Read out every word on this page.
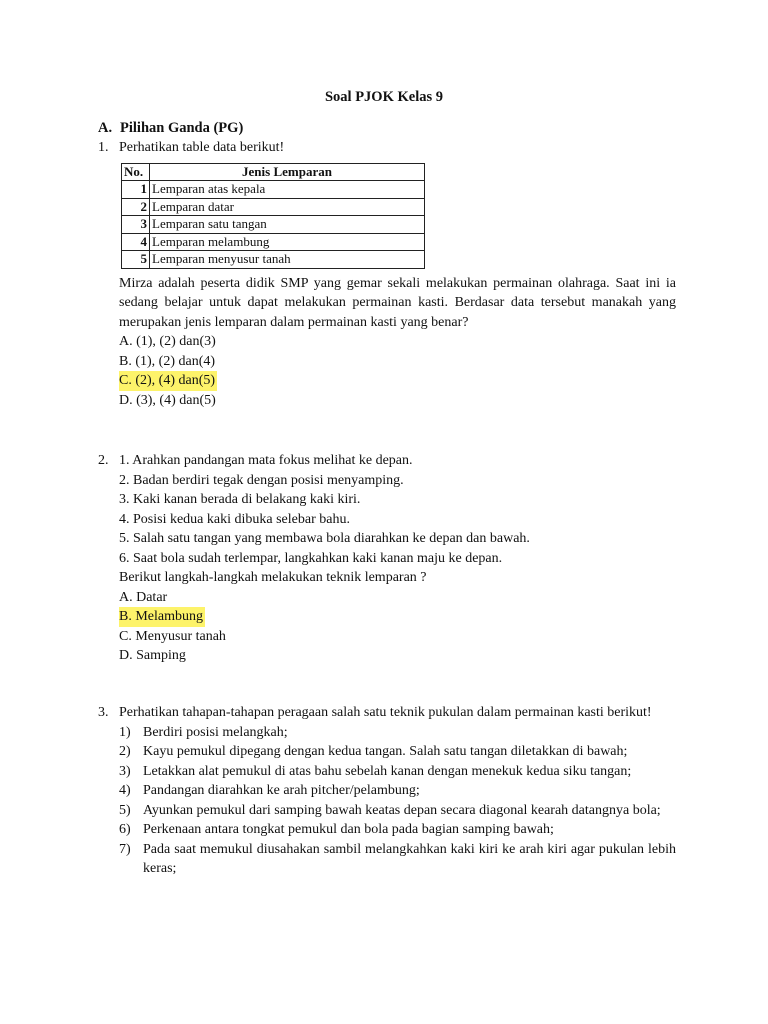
Soal PJOK Kelas 9
A. Pilihan Ganda (PG)
1. Perhatikan table data berikut!
No.	Jenis Lemparan
1	Lemparan atas kepala
2	Lemparan datar
3	Lemparan satu tangan
4	Lemparan melambung
5	Lemparan menyusur tanah
Mirza adalah peserta didik SMP yang gemar sekali melakukan permainan olahraga. Saat ini ia sedang belajar untuk dapat melakukan permainan kasti. Berdasar data tersebut manakah yang merupakan jenis lemparan dalam permainan kasti yang benar?
A. (1), (2) dan(3)
B. (1), (2) dan(4)
C. (2), (4) dan(5)
D. (3), (4) dan(5)
2. 1. Arahkan pandangan mata fokus melihat ke depan.
2. Badan berdiri tegak dengan posisi menyamping.
3. Kaki kanan berada di belakang kaki kiri.
4. Posisi kedua kaki dibuka selebar bahu.
5. Salah satu tangan yang membawa bola diarahkan ke depan dan bawah.
6. Saat bola sudah terlempar, langkahkan kaki kanan maju ke depan.
Berikut langkah-langkah melakukan teknik lemparan ?
A. Datar
B. Melambung
C. Menyusur tanah
D. Samping
3. Perhatikan tahapan-tahapan peragaan salah satu teknik pukulan dalam permainan kasti berikut!
1) Berdiri posisi melangkah;
2) Kayu pemukul dipegang dengan kedua tangan. Salah satu tangan diletakkan di bawah;
3) Letakkan alat pemukul di atas bahu sebelah kanan dengan menekuk kedua siku tangan;
4) Pandangan diarahkan ke arah pitcher/pelambung;
5) Ayunkan pemukul dari samping bawah keatas depan secara diagonal kearah datangnya bola;
6) Perkenaan antara tongkat pemukul dan bola pada bagian samping bawah;
7) Pada saat memukul diusahakan sambil melangkahkan kaki kiri ke arah kiri agar pukulan lebih keras;
